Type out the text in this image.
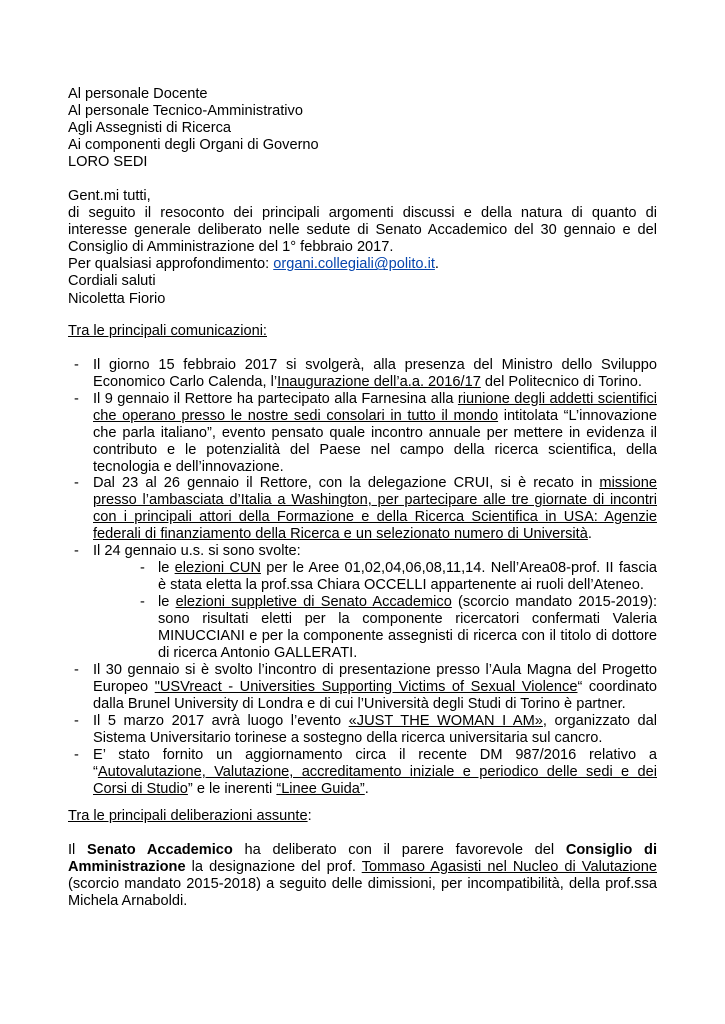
Al personale Docente
Al personale Tecnico-Amministrativo
Agli Assegnisti di Ricerca
Ai componenti degli Organi di Governo
LORO SEDI
Gent.mi tutti,
di seguito il resoconto dei principali argomenti discussi e della natura di quanto di
interesse generale deliberato nelle sedute di Senato Accademico del 30 gennaio e del
Consiglio di Amministrazione del 1° febbraio 2017.
Per qualsiasi approfondimento: organi.collegiali@polito.it.
Cordiali saluti
Nicoletta Fiorio
Tra le principali comunicazioni:
- Il giorno 15 febbraio 2017 si svolgerà, alla presenza del Ministro dello Sviluppo
Economico Carlo Calenda, l’Inaugurazione dell’a.a. 2016/17 del Politecnico di Torino.
- Il 9 gennaio il Rettore ha partecipato alla Farnesina alla riunione degli addetti scientifici
che operano presso le nostre sedi consolari in tutto il mondo intitolata “L’innovazione
che parla italiano”, evento pensato quale incontro annuale per mettere in evidenza il
contributo e le potenzialità del Paese nel campo della ricerca scientifica, della
tecnologia e dell’innovazione.
- Dal 23 al 26 gennaio il Rettore, con la delegazione CRUI, si è recato in missione
presso l’ambasciata d’Italia a Washington, per partecipare alle tre giornate di incontri
con i principali attori della Formazione e della Ricerca Scientifica in USA: Agenzie
federali di finanziamento della Ricerca e un selezionato numero di Università.
- Il 24 gennaio u.s. si sono svolte:
- le elezioni CUN per le Aree 01,02,04,06,08,11,14. Nell’Area08-prof. II fascia
è stata eletta la prof.ssa Chiara OCCELLI appartenente ai ruoli dell’Ateneo.
- le elezioni suppletive di Senato Accademico (scorcio mandato 2015-2019):
sono risultati eletti per la componente ricercatori confermati Valeria
MINUCCIANI e per la componente assegnisti di ricerca con il titolo di dottore
di ricerca Antonio GALLERATI.
- Il 30 gennaio si è svolto l’incontro di presentazione presso l’Aula Magna del Progetto
Europeo "USVreact - Universities Supporting Victims of Sexual Violence“ coordinato
dalla Brunel University di Londra e di cui l’Università degli Studi di Torino è partner.
- Il 5 marzo 2017 avrà luogo l’evento «JUST THE WOMAN I AM», organizzato dal
Sistema Universitario torinese a sostegno della ricerca universitaria sul cancro.
- E’ stato fornito un aggiornamento circa il recente DM 987/2016 relativo a
“Autovalutazione, Valutazione, accreditamento iniziale e periodico delle sedi e dei
Corsi di Studio” e le inerenti “Linee Guida”.
Tra le principali deliberazioni assunte:
Il Senato Accademico ha deliberato con il parere favorevole del Consiglio di
Amministrazione la designazione del prof. Tommaso Agasisti nel Nucleo di Valutazione
(scorcio mandato 2015-2018) a seguito delle dimissioni, per incompatibilità, della prof.ssa
Michela Arnaboldi.
